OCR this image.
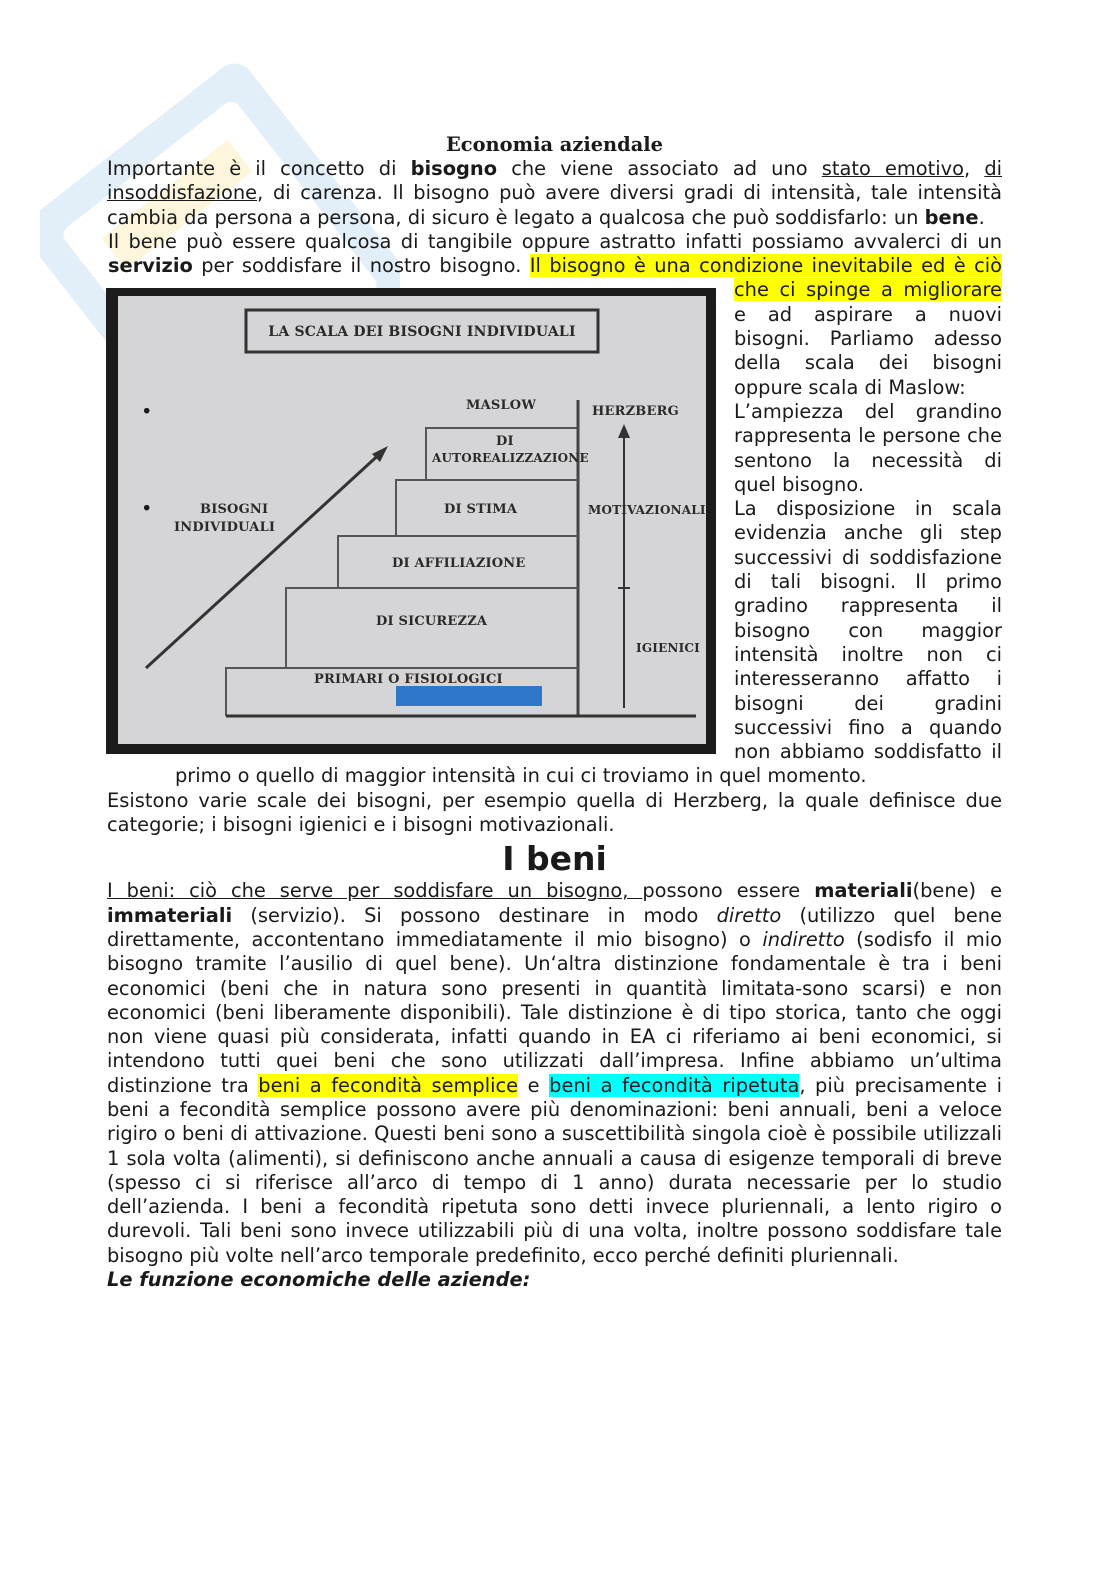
Economia aziendale

Importante è il concetto di bisogno che viene associato ad uno stato emotivo, di insoddisfazione, di carenza. Il bisogno può avere diversi gradi di intensità, tale intensità cambia da persona a persona, di sicuro è legato a qualcosa che può soddisfarlo: un bene.

LA SCALA DEI BISOGNI INDIVIDUALI
MASLOW	HERZBERG
BISOGNI
INDIVIDUALI
DI
AUTOREALIZZAZIONE
DI STIMA
DI AFFILIAZIONE
DI SICUREZZA
PRIMARI O FISIOLOGICI
MOTIVAZIONALI
IGIENICI

Il bene può essere qualcosa di tangibile oppure astratto infatti possiamo avvalerci di un servizio per soddisfare il nostro bisogno. Il bisogno è una condizione inevitabile ed è ciò che ci spinge a migliorare e ad aspirare a nuovi bisogni. Parliamo adesso della scala dei bisogni oppure scala di Maslow:

• L’ampiezza del grandino rappresenta le persone che sentono la necessità di quel bisogno.
• La disposizione in scala evidenzia anche gli step successivi di soddisfazione di tali bisogni. Il primo gradino rappresenta il bisogno con maggior intensità inoltre non ci interesseranno affatto i bisogni dei gradini successivi fino a quando non abbiamo soddisfatto il primo o quello di maggior intensità in cui ci troviamo in quel momento.

Esistono varie scale dei bisogni, per esempio quella di Herzberg, la quale definisce due categorie; i bisogni igienici e i bisogni motivazionali.

I beni

I beni: ciò che serve per soddisfare un bisogno, possono essere materiali(bene) e immateriali (servizio). Si possono destinare in modo diretto (utilizzo quel bene direttamente, accontentano immediatamente il mio bisogno) o indiretto (sodisfo il mio bisogno tramite l’ausilio di quel bene). Un‘altra distinzione fondamentale è tra i beni economici (beni che in natura sono presenti in quantità limitata-sono scarsi) e non economici (beni liberamente disponibili). Tale distinzione è di tipo storica, tanto che oggi non viene quasi più considerata, infatti quando in EA ci riferiamo ai beni economici, si intendono tutti quei beni che sono utilizzati dall’impresa. Infine abbiamo un’ultima distinzione tra beni a fecondità semplice e beni a fecondità ripetuta, più precisamente i beni a fecondità semplice possono avere più denominazioni: beni annuali, beni a veloce rigiro o beni di attivazione. Questi beni sono a suscettibilità singola cioè è possibile utilizzali 1 sola volta (alimenti), si definiscono anche annuali a causa di esigenze temporali di breve (spesso ci si riferisce all’arco di tempo di 1 anno) durata necessarie per lo studio dell’azienda. I beni a fecondità ripetuta sono detti invece pluriennali, a lento rigiro o durevoli. Tali beni sono invece utilizzabili più di una volta, inoltre possono soddisfare tale bisogno più volte nell’arco temporale predefinito, ecco perché definiti pluriennali.

Le funzione economiche delle aziende:
